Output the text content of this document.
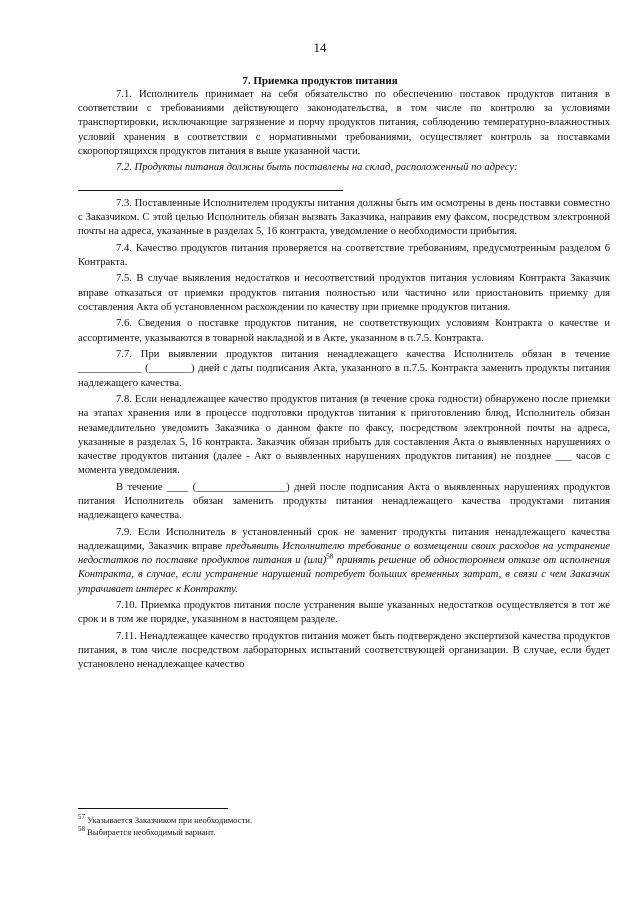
14
7. Приемка продуктов питания

7.1. Исполнитель принимает на себя обязательство по обеспечению поставок продуктов питания в соответствии с требованиями действующего законодательства, в том числе по контролю за условиями транспортировки, исключающие загрязнение и порчу продуктов питания, соблюдению температурно-влажностных условий хранения в соответствии с нормативными требованиями, осуществляет контроль за поставками скоропортящихся продуктов питания в выше указанной части.

7.2. Продукты питания должны быть поставлены на склад, расположенный по адресу:

7.3. Поставленные Исполнителем продукты питания должны быть им осмотрены в день поставки совместно с Заказчиком. С этой целью Исполнитель обязан вызвать Заказчика, направив ему факсом, посредством электронной почты на адреса, указанные в разделах 5, 16 контракта, уведомление о необходимости прибытия.

7.4. Качество продуктов питания проверяется на соответствие требованиям, предусмотренным разделом 6 Контракта.

7.5. В случае выявления недостатков и несоответствий продуктов питания условиям Контракта Заказчик вправе отказаться от приемки продуктов питания полностью или частично или приостановить приемку для составления Акта об установленном расхождении по качеству при приемке продуктов питания.

7.6. Сведения о поставке продуктов питания, не соответствующих условиям Контракта о качестве и ассортименте, указываются в товарной накладной и в Акте, указанном в п.7.5. Контракта.

7.7. При выявлении продуктов питания ненадлежащего качества Исполнитель обязан в течение ____________ (________) дней с даты подписания Акта, указанного в п.7.5. Контракта заменить продукты питания надлежащего качества.

7.8. Если ненадлежащее качество продуктов питания (в течение срока годности) обнаружено после приемки на этапах хранения или в процессе подготовки продуктов питания к приготовлению блюд, Исполнитель обязан незамедлительно уведомить Заказчика о данном факте по факсу, посредством электронной почты на адреса, указанные в разделах 5, 16 контракта. Заказчик обязан прибыть для составления Акта о выявленных нарушениях о качестве продуктов питания (далее - Акт о выявленных нарушениях продуктов питания) не позднее ___ часов с момента уведомления.

В течение ____ (_________________) дней после подписания Акта о выявленных нарушениях продуктов питания Исполнитель обязан заменить продукты питания ненадлежащего качества продуктами питания надлежащего качества.

7.9. Если Исполнитель в установленный срок не заменит продукты питания ненадлежащего качества надлежащими, Заказчик вправе предъявить Исполнителю требование о возмещении своих расходов на устранение недостатков по поставке продуктов питания и (или)$^{58}$ принять решение об одностороннем отказе от исполнения Контракта, в случае, если устранение нарушений потребует больших временных затрат, в связи с чем Заказчик утрачивает интерес к Контракту.

7.10. Приемка продуктов питания после устранения выше указанных недостатков осуществляется в тот же срок и в том же порядке, указанном в настоящем разделе.

7.11. Ненадлежащее качество продуктов питания может быть подтверждено экспертизой качества продуктов питания, в том числе посредством лабораторных испытаний соответствующей организации. В случае, если будет установлено ненадлежащее качество

$^{57}$ Указывается Заказчиком при необходимости.
$^{58}$ Выбирается необходимый вариант.
